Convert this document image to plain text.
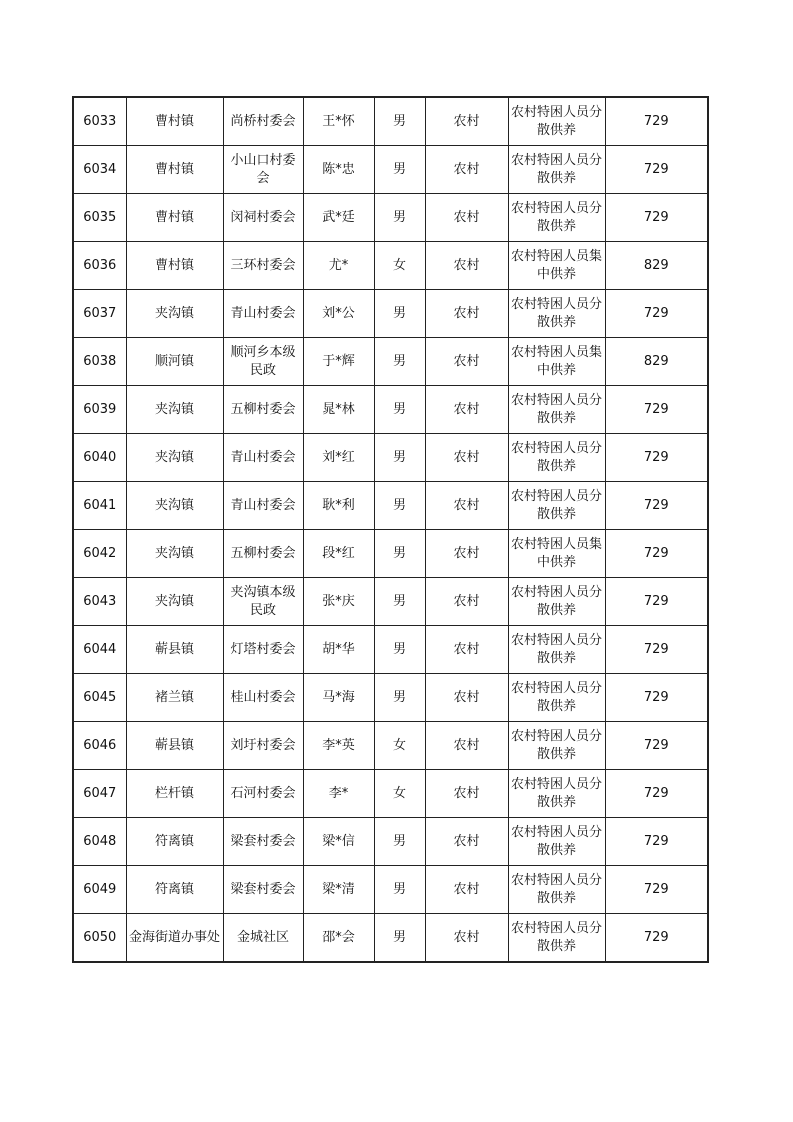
6033	曹村镇	尚桥村委会	王*怀	男	农村	农村特困人员分散供养	729
6034	曹村镇	小山口村委会	陈*忠	男	农村	农村特困人员分散供养	729
6035	曹村镇	闵祠村委会	武*廷	男	农村	农村特困人员分散供养	729
6036	曹村镇	三环村委会	尤*	女	农村	农村特困人员集中供养	829
6037	夹沟镇	青山村委会	刘*公	男	农村	农村特困人员分散供养	729
6038	顺河镇	顺河乡本级民政	于*辉	男	农村	农村特困人员集中供养	829
6039	夹沟镇	五柳村委会	晁*林	男	农村	农村特困人员分散供养	729
6040	夹沟镇	青山村委会	刘*红	男	农村	农村特困人员分散供养	729
6041	夹沟镇	青山村委会	耿*利	男	农村	农村特困人员分散供养	729
6042	夹沟镇	五柳村委会	段*红	男	农村	农村特困人员集中供养	729
6043	夹沟镇	夹沟镇本级民政	张*庆	男	农村	农村特困人员分散供养	729
6044	蕲县镇	灯塔村委会	胡*华	男	农村	农村特困人员分散供养	729
6045	褚兰镇	桂山村委会	马*海	男	农村	农村特困人员分散供养	729
6046	蕲县镇	刘圩村委会	李*英	女	农村	农村特困人员分散供养	729
6047	栏杆镇	石河村委会	李*	女	农村	农村特困人员分散供养	729
6048	符离镇	梁套村委会	梁*信	男	农村	农村特困人员分散供养	729
6049	符离镇	梁套村委会	梁*清	男	农村	农村特困人员分散供养	729
6050	金海街道办事处	金城社区	邵*会	男	农村	农村特困人员分散供养	729
